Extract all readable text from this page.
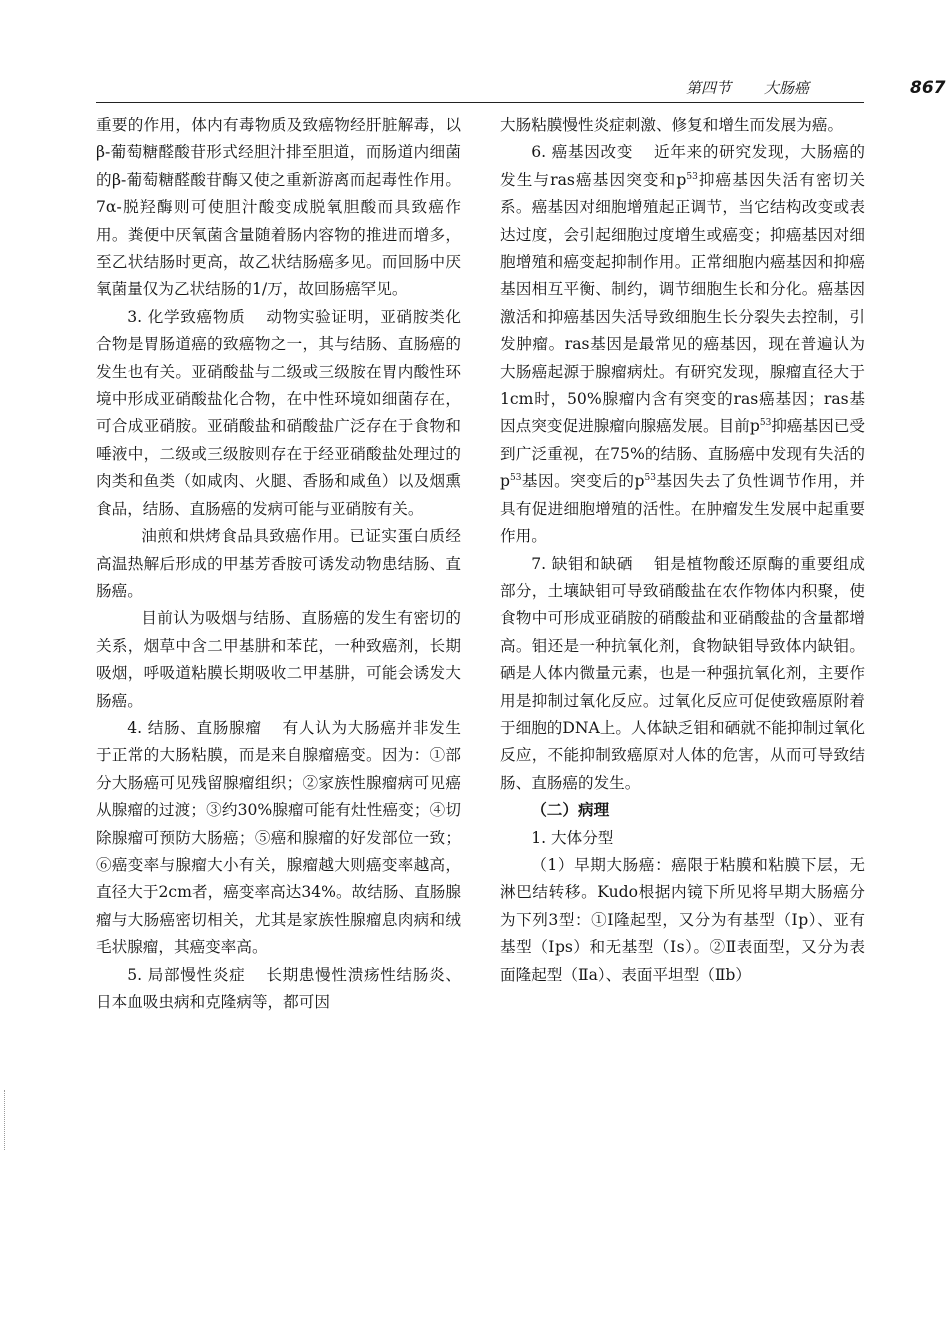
第四节 大肠癌	867

重要的作用，体内有毒物质及致癌物经肝脏解毒，以β-葡萄糖醛酸苷形式经胆汁排至胆道，而肠道内细菌的β-葡萄糖醛酸苷酶又使之重新游离而起毒性作用。7α-脱羟酶则可使胆汁酸变成脱氧胆酸而具致癌作用。粪便中厌氧菌含量随着肠内容物的推进而增多，至乙状结肠时更高，故乙状结肠癌多见。而回肠中厌氧菌量仅为乙状结肠的1/万，故回肠癌罕见。

3. 化学致癌物质 动物实验证明，亚硝胺类化合物是胃肠道癌的致癌物之一，其与结肠、直肠癌的发生也有关。亚硝酸盐与二级或三级胺在胃内酸性环境中形成亚硝酸盐化合物，在中性环境如细菌存在，可合成亚硝胺。亚硝酸盐和硝酸盐广泛存在于食物和唾液中，二级或三级胺则存在于经亚硝酸盐处理过的肉类和鱼类（如咸肉、火腿、香肠和咸鱼）以及烟熏食品，结肠、直肠癌的发病可能与亚硝胺有关。

油煎和烘烤食品具致癌作用。已证实蛋白质经高温热解后形成的甲基芳香胺可诱发动物患结肠、直肠癌。

目前认为吸烟与结肠、直肠癌的发生有密切的关系，烟草中含二甲基肼和苯芘，一种致癌剂，长期吸烟，呼吸道粘膜长期吸收二甲基肼，可能会诱发大肠癌。

4. 结肠、直肠腺瘤 有人认为大肠癌并非发生于正常的大肠粘膜，而是来自腺瘤癌变。因为：①部分大肠癌可见残留腺瘤组织；②家族性腺瘤病可见癌从腺瘤的过渡；③约30%腺瘤可能有灶性癌变；④切除腺瘤可预防大肠癌；⑤癌和腺瘤的好发部位一致；⑥癌变率与腺瘤大小有关，腺瘤越大则癌变率越高，直径大于2cm者，癌变率高达34%。故结肠、直肠腺瘤与大肠癌密切相关，尤其是家族性腺瘤息肉病和绒毛状腺瘤，其癌变率高。

5. 局部慢性炎症 长期患慢性溃疡性结肠炎、日本血吸虫病和克隆病等，都可因

大肠粘膜慢性炎症刺激、修复和增生而发展为癌。

6. 癌基因改变 近年来的研究发现，大肠癌的发生与ras癌基因突变和$p^{53}$抑癌基因失活有密切关系。癌基因对细胞增殖起正调节，当它结构改变或表达过度，会引起细胞过度增生或癌变；抑癌基因对细胞增殖和癌变起抑制作用。正常细胞内癌基因和抑癌基因相互平衡、制约，调节细胞生长和分化。癌基因激活和抑癌基因失活导致细胞生长分裂失去控制，引发肿瘤。ras基因是最常见的癌基因，现在普遍认为大肠癌起源于腺瘤病灶。有研究发现，腺瘤直径大于1cm时，50%腺瘤内含有突变的ras癌基因；ras基因点突变促进腺瘤向腺癌发展。目前$p^{53}$抑癌基因已受到广泛重视，在75%的结肠、直肠癌中发现有失活的$p^{53}$基因。突变后的$p^{53}$基因失去了负性调节作用，并具有促进细胞增殖的活性。在肿瘤发生发展中起重要作用。

7. 缺钼和缺硒 钼是植物酸还原酶的重要组成部分，土壤缺钼可导致硝酸盐在农作物体内积聚，使食物中可形成亚硝胺的硝酸盐和亚硝酸盐的含量都增高。钼还是一种抗氧化剂，食物缺钼导致体内缺钼。硒是人体内微量元素，也是一种强抗氧化剂，主要作用是抑制过氧化反应。过氧化反应可促使致癌原附着于细胞的DNA上。人体缺乏钼和硒就不能抑制过氧化反应，不能抑制致癌原对人体的危害，从而可导致结肠、直肠癌的发生。

（二）病理

1. 大体分型

（1）早期大肠癌：癌限于粘膜和粘膜下层，无淋巴结转移。Kudo根据内镜下所见将早期大肠癌分为下列3型：①Ⅰ隆起型，又分为有基型（Ⅰp）、亚有基型（Ⅰps）和无基型（Ⅰs）。②Ⅱ表面型，又分为表面隆起型（Ⅱa）、表面平坦型（Ⅱb）
